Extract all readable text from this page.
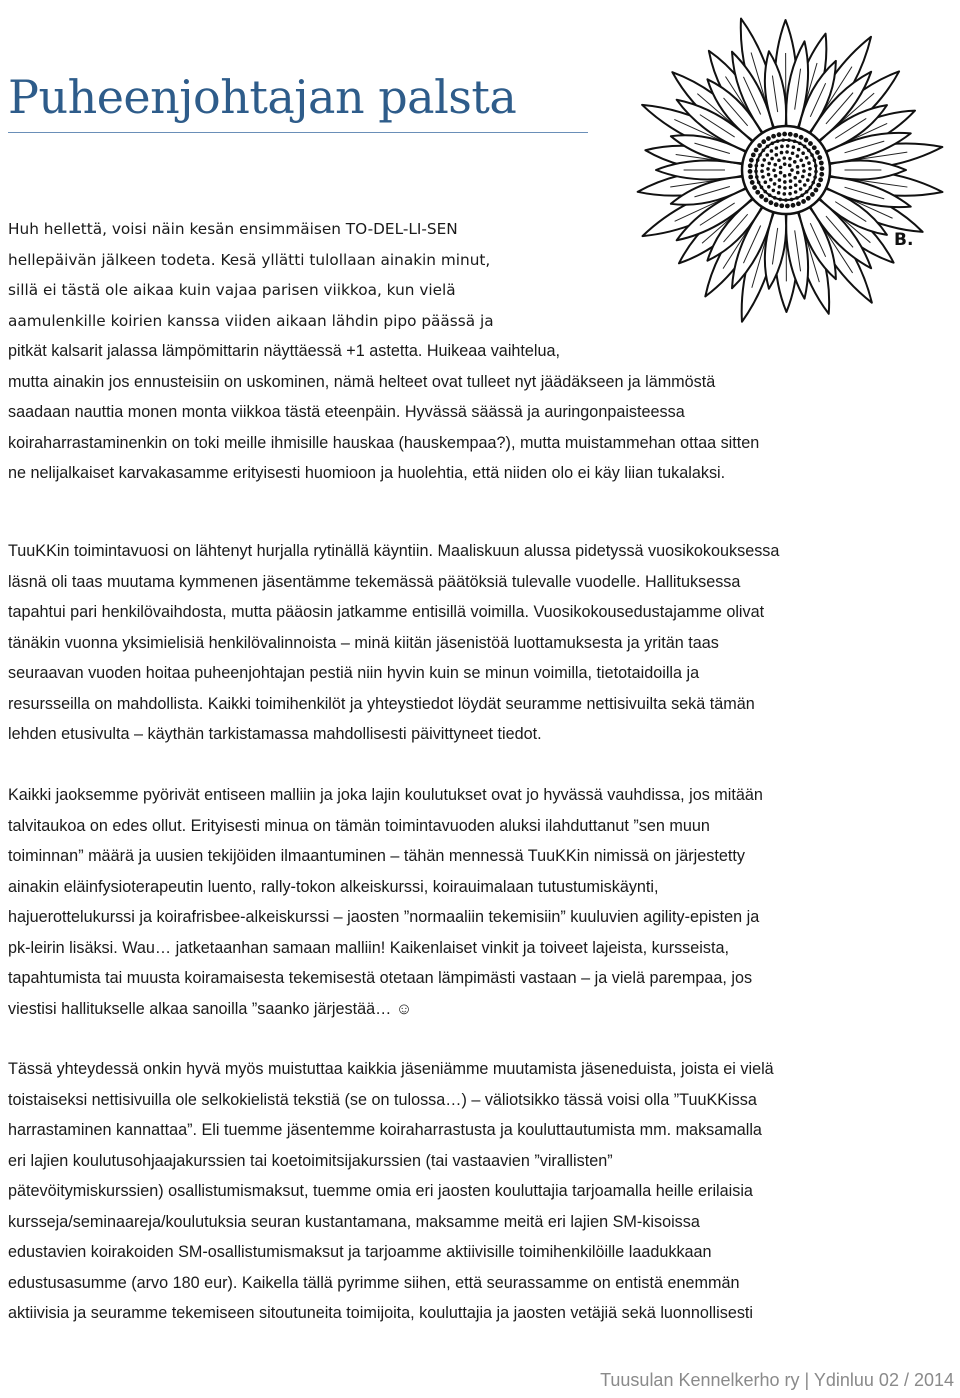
Puheenjohtajan palsta
B.

Huh hellettä, voisi näin kesän ensimmäisen TO-DEL-LI-SEN
hellepäivän jälkeen todeta. Kesä yllätti tulollaan ainakin minut,
sillä ei tästä ole aikaa kuin vajaa parisen viikkoa, kun vielä
aamulenkille koirien kanssa viiden aikaan lähdin pipo päässä ja

pitkät kalsarit jalassa lämpömittarin näyttäessä +1 astetta. Huikeaa vaihtelua,
mutta ainakin jos ennusteisiin on uskominen, nämä helteet ovat tulleet nyt jäädäkseen ja lämmöstä
saadaan nauttia monen monta viikkoa tästä eteenpäin. Hyvässä säässä ja auringonpaisteessa
koiraharrastaminenkin on toki meille ihmisille hauskaa (hauskempaa?), mutta muistammehan ottaa sitten
ne nelijalkaiset karvakasamme erityisesti huomioon ja huolehtia, että niiden olo ei käy liian tukalaksi.

TuuKKin toimintavuosi on lähtenyt hurjalla rytinällä käyntiin. Maaliskuun alussa pidetyssä vuosikokouksessa
läsnä oli taas muutama kymmenen jäsentämme tekemässä päätöksiä tulevalle vuodelle. Hallituksessa
tapahtui pari henkilövaihdosta, mutta pääosin jatkamme entisillä voimilla. Vuosikokousedustajamme olivat
tänäkin vuonna yksimielisiä henkilövalinnoista – minä kiitän jäsenistöä luottamuksesta ja yritän taas
seuraavan vuoden hoitaa puheenjohtajan pestiä niin hyvin kuin se minun voimilla, tietotaidoilla ja
resursseilla on mahdollista. Kaikki toimihenkilöt ja yhteystiedot löydät seuramme nettisivuilta sekä tämän
lehden etusivulta – käythän tarkistamassa mahdollisesti päivittyneet tiedot.

Kaikki jaoksemme pyörivät entiseen malliin ja joka lajin koulutukset ovat jo hyvässä vauhdissa, jos mitään
talvitaukoa on edes ollut. Erityisesti minua on tämän toimintavuoden aluksi ilahduttanut ”sen muun
toiminnan” määrä ja uusien tekijöiden ilmaantuminen – tähän mennessä TuuKKin nimissä on järjestetty
ainakin eläinfysioterapeutin luento, rally-tokon alkeiskurssi, koirauimalaan tutustumiskäynti,
hajuerottelukurssi ja koirafrisbee-alkeiskurssi – jaosten ”normaaliin tekemisiin” kuuluvien agility-episten ja
pk-leirin lisäksi. Wau… jatketaanhan samaan malliin! Kaikenlaiset vinkit ja toiveet lajeista, kursseista,
tapahtumista tai muusta koiramaisesta tekemisestä otetaan lämpimästi vastaan – ja vielä parempaa, jos
viestisi hallitukselle alkaa sanoilla ”saanko järjestää… ☺

Tässä yhteydessä onkin hyvä myös muistuttaa kaikkia jäseniämme muutamista jäseneduista, joista ei vielä
toistaiseksi nettisivuilla ole selkokielistä tekstiä (se on tulossa…) – väliotsikko tässä voisi olla ”TuuKKissa
harrastaminen kannattaa”. Eli tuemme jäsentemme koiraharrastusta ja kouluttautumista mm. maksamalla
eri lajien koulutusohjaajakurssien tai koetoimitsijakurssien (tai vastaavien ”virallisten”
pätevöitymiskurssien) osallistumismaksut, tuemme omia eri jaosten kouluttajia tarjoamalla heille erilaisia
kursseja/seminaareja/koulutuksia seuran kustantamana, maksamme meitä eri lajien SM-kisoissa
edustavien koirakoiden SM-osallistumismaksut ja tarjoamme aktiivisille toimihenkilöille laadukkaan
edustusasumme (arvo 180 eur). Kaikella tällä pyrimme siihen, että seurassamme on entistä enemmän
aktiivisia ja seuramme tekemiseen sitoutuneita toimijoita, kouluttajia ja jaosten vetäjiä sekä luonnollisesti

Tuusulan Kennelkerho ry | Ydinluu 02 / 2014
